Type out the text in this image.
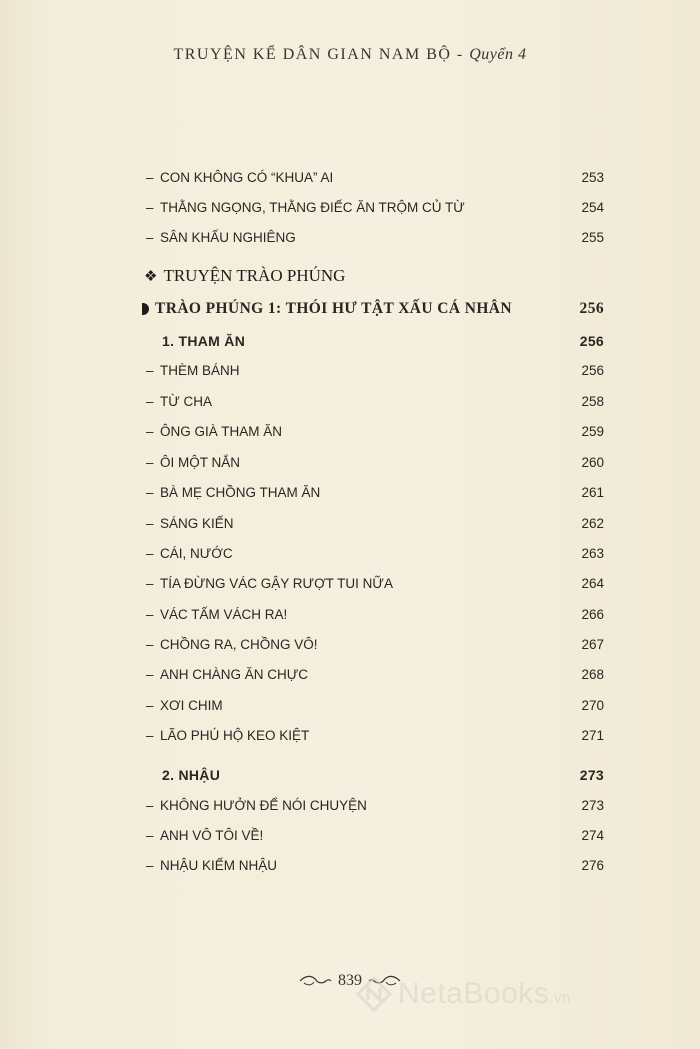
TRUYỆN KỂ DÂN GIAN NAM BỘ - Quyển 4
– CON KHÔNG CÓ “KHUA” AI	253
– THẰNG NGỌNG, THẰNG ĐIẾC ĂN TRỘM CỦ TỪ	254
– SÂN KHẤU NGHIÊNG	255
❖ TRUYỆN TRÀO PHÚNG
TRÀO PHÚNG 1: THÓI HƯ TẬT XẤU CÁ NHÂN	256
1. THAM ĂN	256
– THÈM BÁNH	256
– TỪ CHA	258
– ÔNG GIÀ THAM ĂN	259
– ÔI MỘT NẮN	260
– BÀ MẸ CHỒNG THAM ĂN	261
– SÁNG KIẾN	262
– CÁI, NƯỚC	263
– TÍA ĐỪNG VÁC GẬY RƯỢT TUI NỮA	264
– VÁC TẤM VÁCH RA!	266
– CHỒNG RA, CHỒNG VÔ!	267
– ANH CHÀNG ĂN CHỰC	268
– XƠI CHIM	270
– LÃO PHÚ HỘ KEO KIỆT	271
2. NHẬU	273
– KHÔNG HƯỞN ĐỂ NÓI CHUYỆN	273
– ANH VÔ TÔI VỀ!	274
– NHẬU KIẾM NHẬU	276
839 NetaBooks .vn
